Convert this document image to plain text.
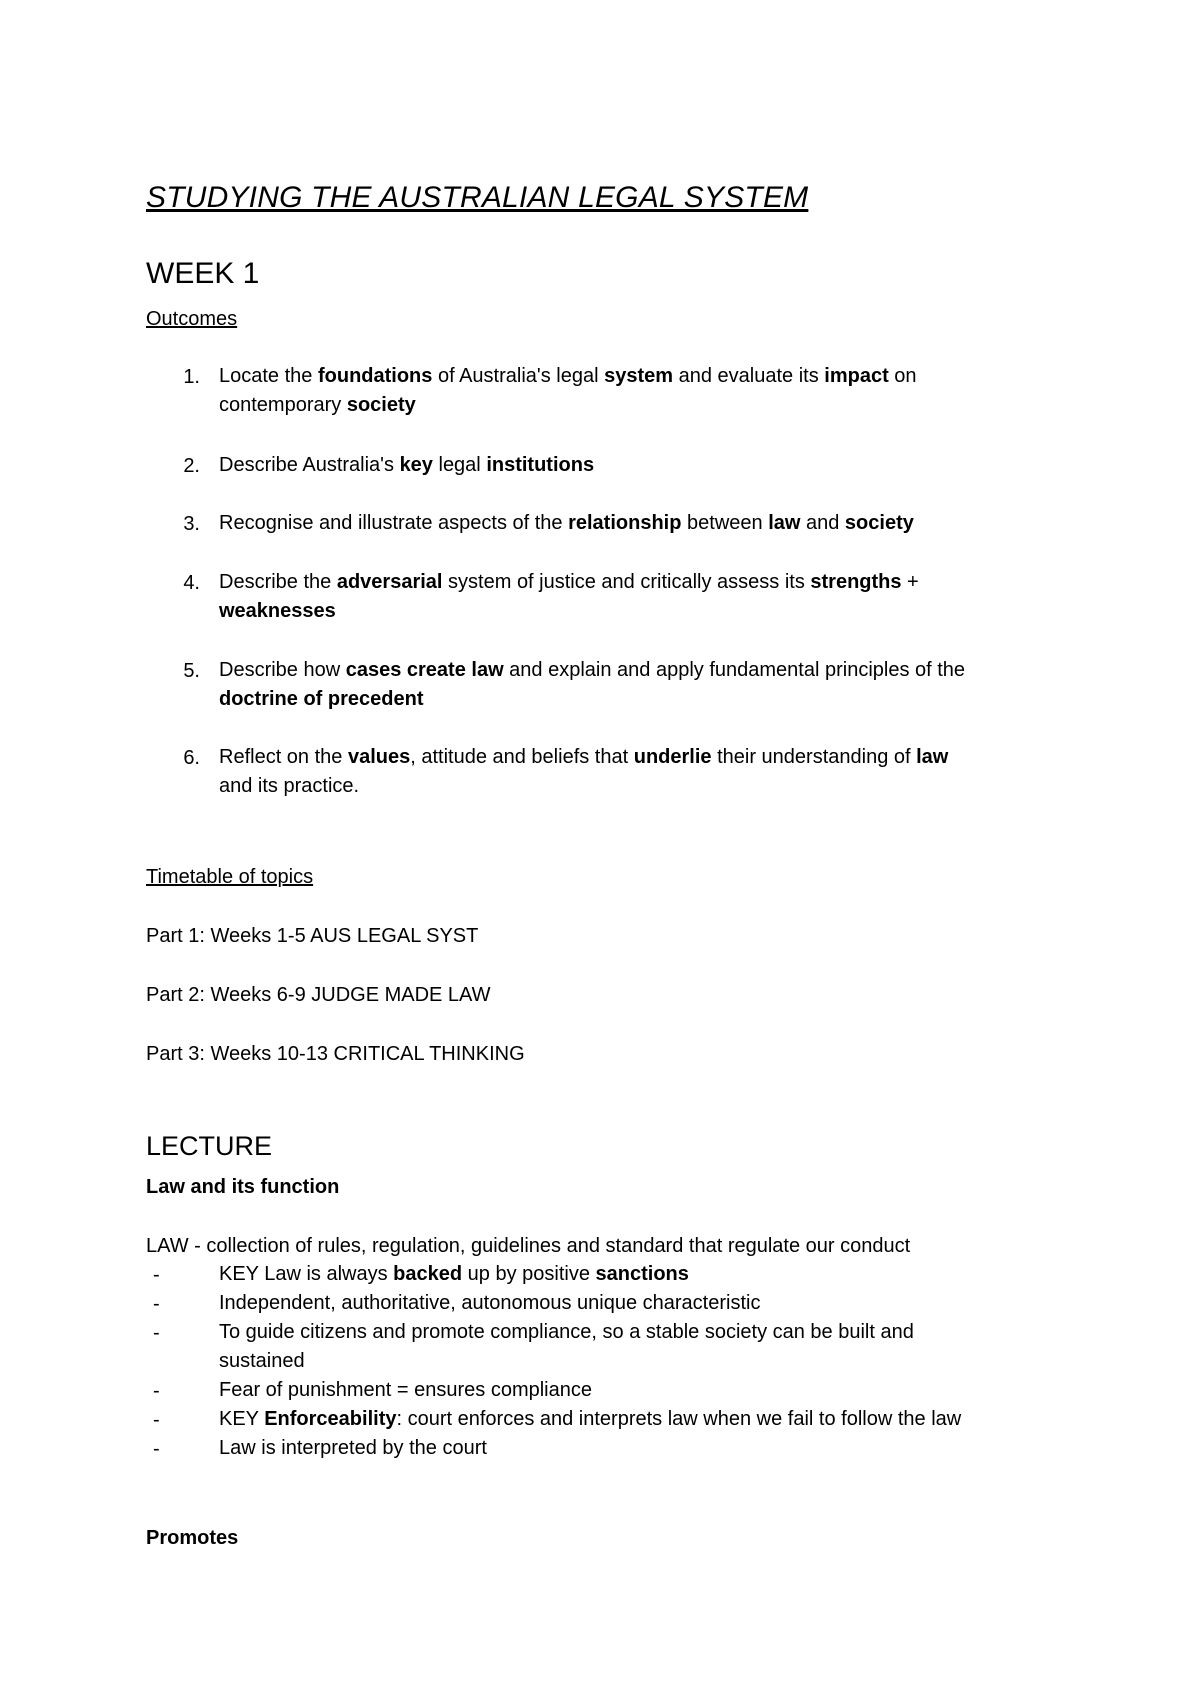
STUDYING THE AUSTRALIAN LEGAL SYSTEM
WEEK 1
Outcomes
1. Locate the foundations of Australia's legal system and evaluate its impact on
contemporary society
2. Describe Australia's key legal institutions
3. Recognise and illustrate aspects of the relationship between law and society
4. Describe the adversarial system of justice and critically assess its strengths +
weaknesses
5. Describe how cases create law and explain and apply fundamental principles of the
doctrine of precedent
6. Reflect on the values, attitude and beliefs that underlie their understanding of law
and its practice.
Timetable of topics
Part 1: Weeks 1-5 AUS LEGAL SYST
Part 2: Weeks 6-9 JUDGE MADE LAW
Part 3: Weeks 10-13 CRITICAL THINKING
LECTURE
Law and its function
LAW - collection of rules, regulation, guidelines and standard that regulate our conduct
-	KEY Law is always backed up by positive sanctions
-	Independent, authoritative, autonomous unique characteristic
-	To guide citizens and promote compliance, so a stable society can be built and
sustained
-	Fear of punishment = ensures compliance
-	KEY Enforceability: court enforces and interprets law when we fail to follow the law
-	Law is interpreted by the court
Promotes
